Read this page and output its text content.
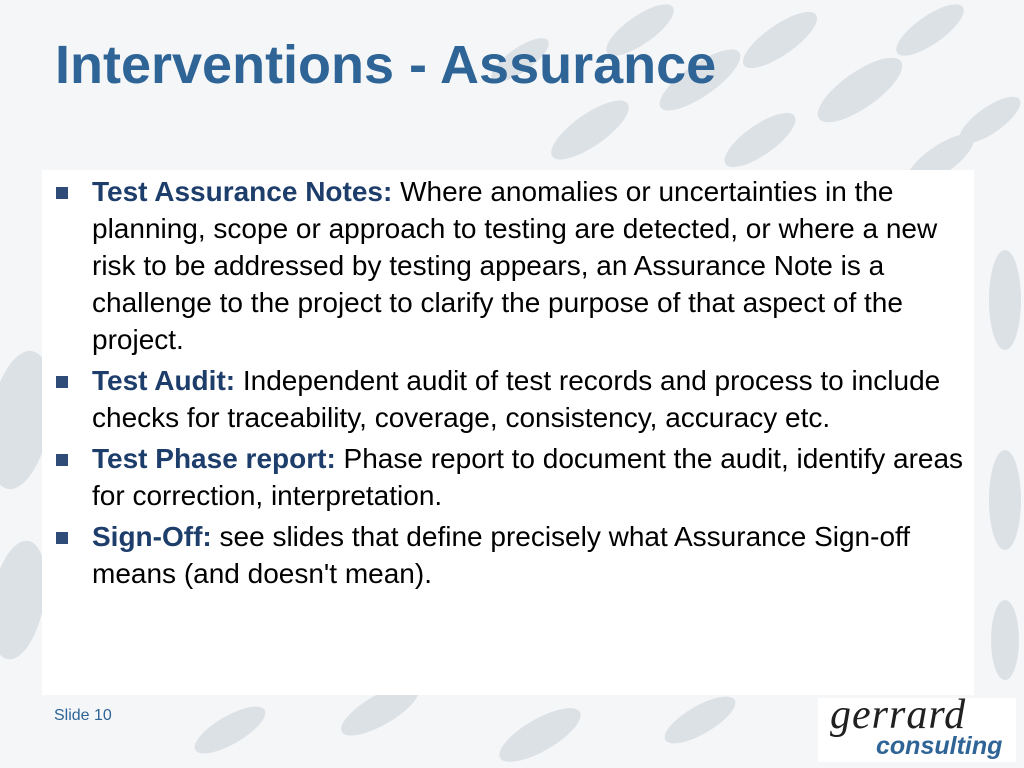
Interventions - Assurance
Test Assurance Notes: Where anomalies or uncertainties in the planning, scope or approach to testing are detected, or where a new risk to be addressed by testing appears, an Assurance Note is a challenge to the project to clarify the purpose of that aspect of the project.
Test Audit: Independent audit of test records and process to include checks for traceability, coverage, consistency, accuracy etc.
Test Phase report: Phase report to document the audit, identify areas for correction, interpretation.
Sign-Off: see slides that define precisely what Assurance Sign-off means (and doesn't mean).
Slide 10	gerrard
consulting
